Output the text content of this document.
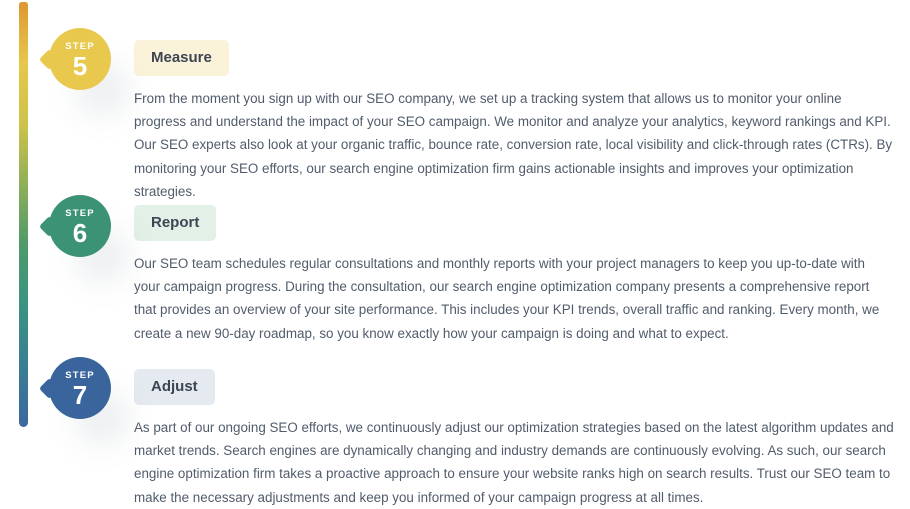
STEP
5	Measure

From the moment you sign up with our SEO company, we set up a tracking system that allows us to monitor your online progress and understand the impact of your SEO campaign. We monitor and analyze your analytics, keyword rankings and KPI. Our SEO experts also look at your organic traffic, bounce rate, conversion rate, local visibility and click-through rates (CTRs). By monitoring your SEO efforts, our search engine optimization firm gains actionable insights and improves your optimization strategies.

STEP
6	Report

Our SEO team schedules regular consultations and monthly reports with your project managers to keep you up-to-date with your campaign progress. During the consultation, our search engine optimization company presents a comprehensive report that provides an overview of your site performance. This includes your KPI trends, overall traffic and ranking. Every month, we create a new 90-day roadmap, so you know exactly how your campaign is doing and what to expect.

STEP
7	Adjust

As part of our ongoing SEO efforts, we continuously adjust our optimization strategies based on the latest algorithm updates and market trends. Search engines are dynamically changing and industry demands are continuously evolving. As such, our search engine optimization firm takes a proactive approach to ensure your website ranks high on search results. Trust our SEO team to make the necessary adjustments and keep you informed of your campaign progress at all times.
